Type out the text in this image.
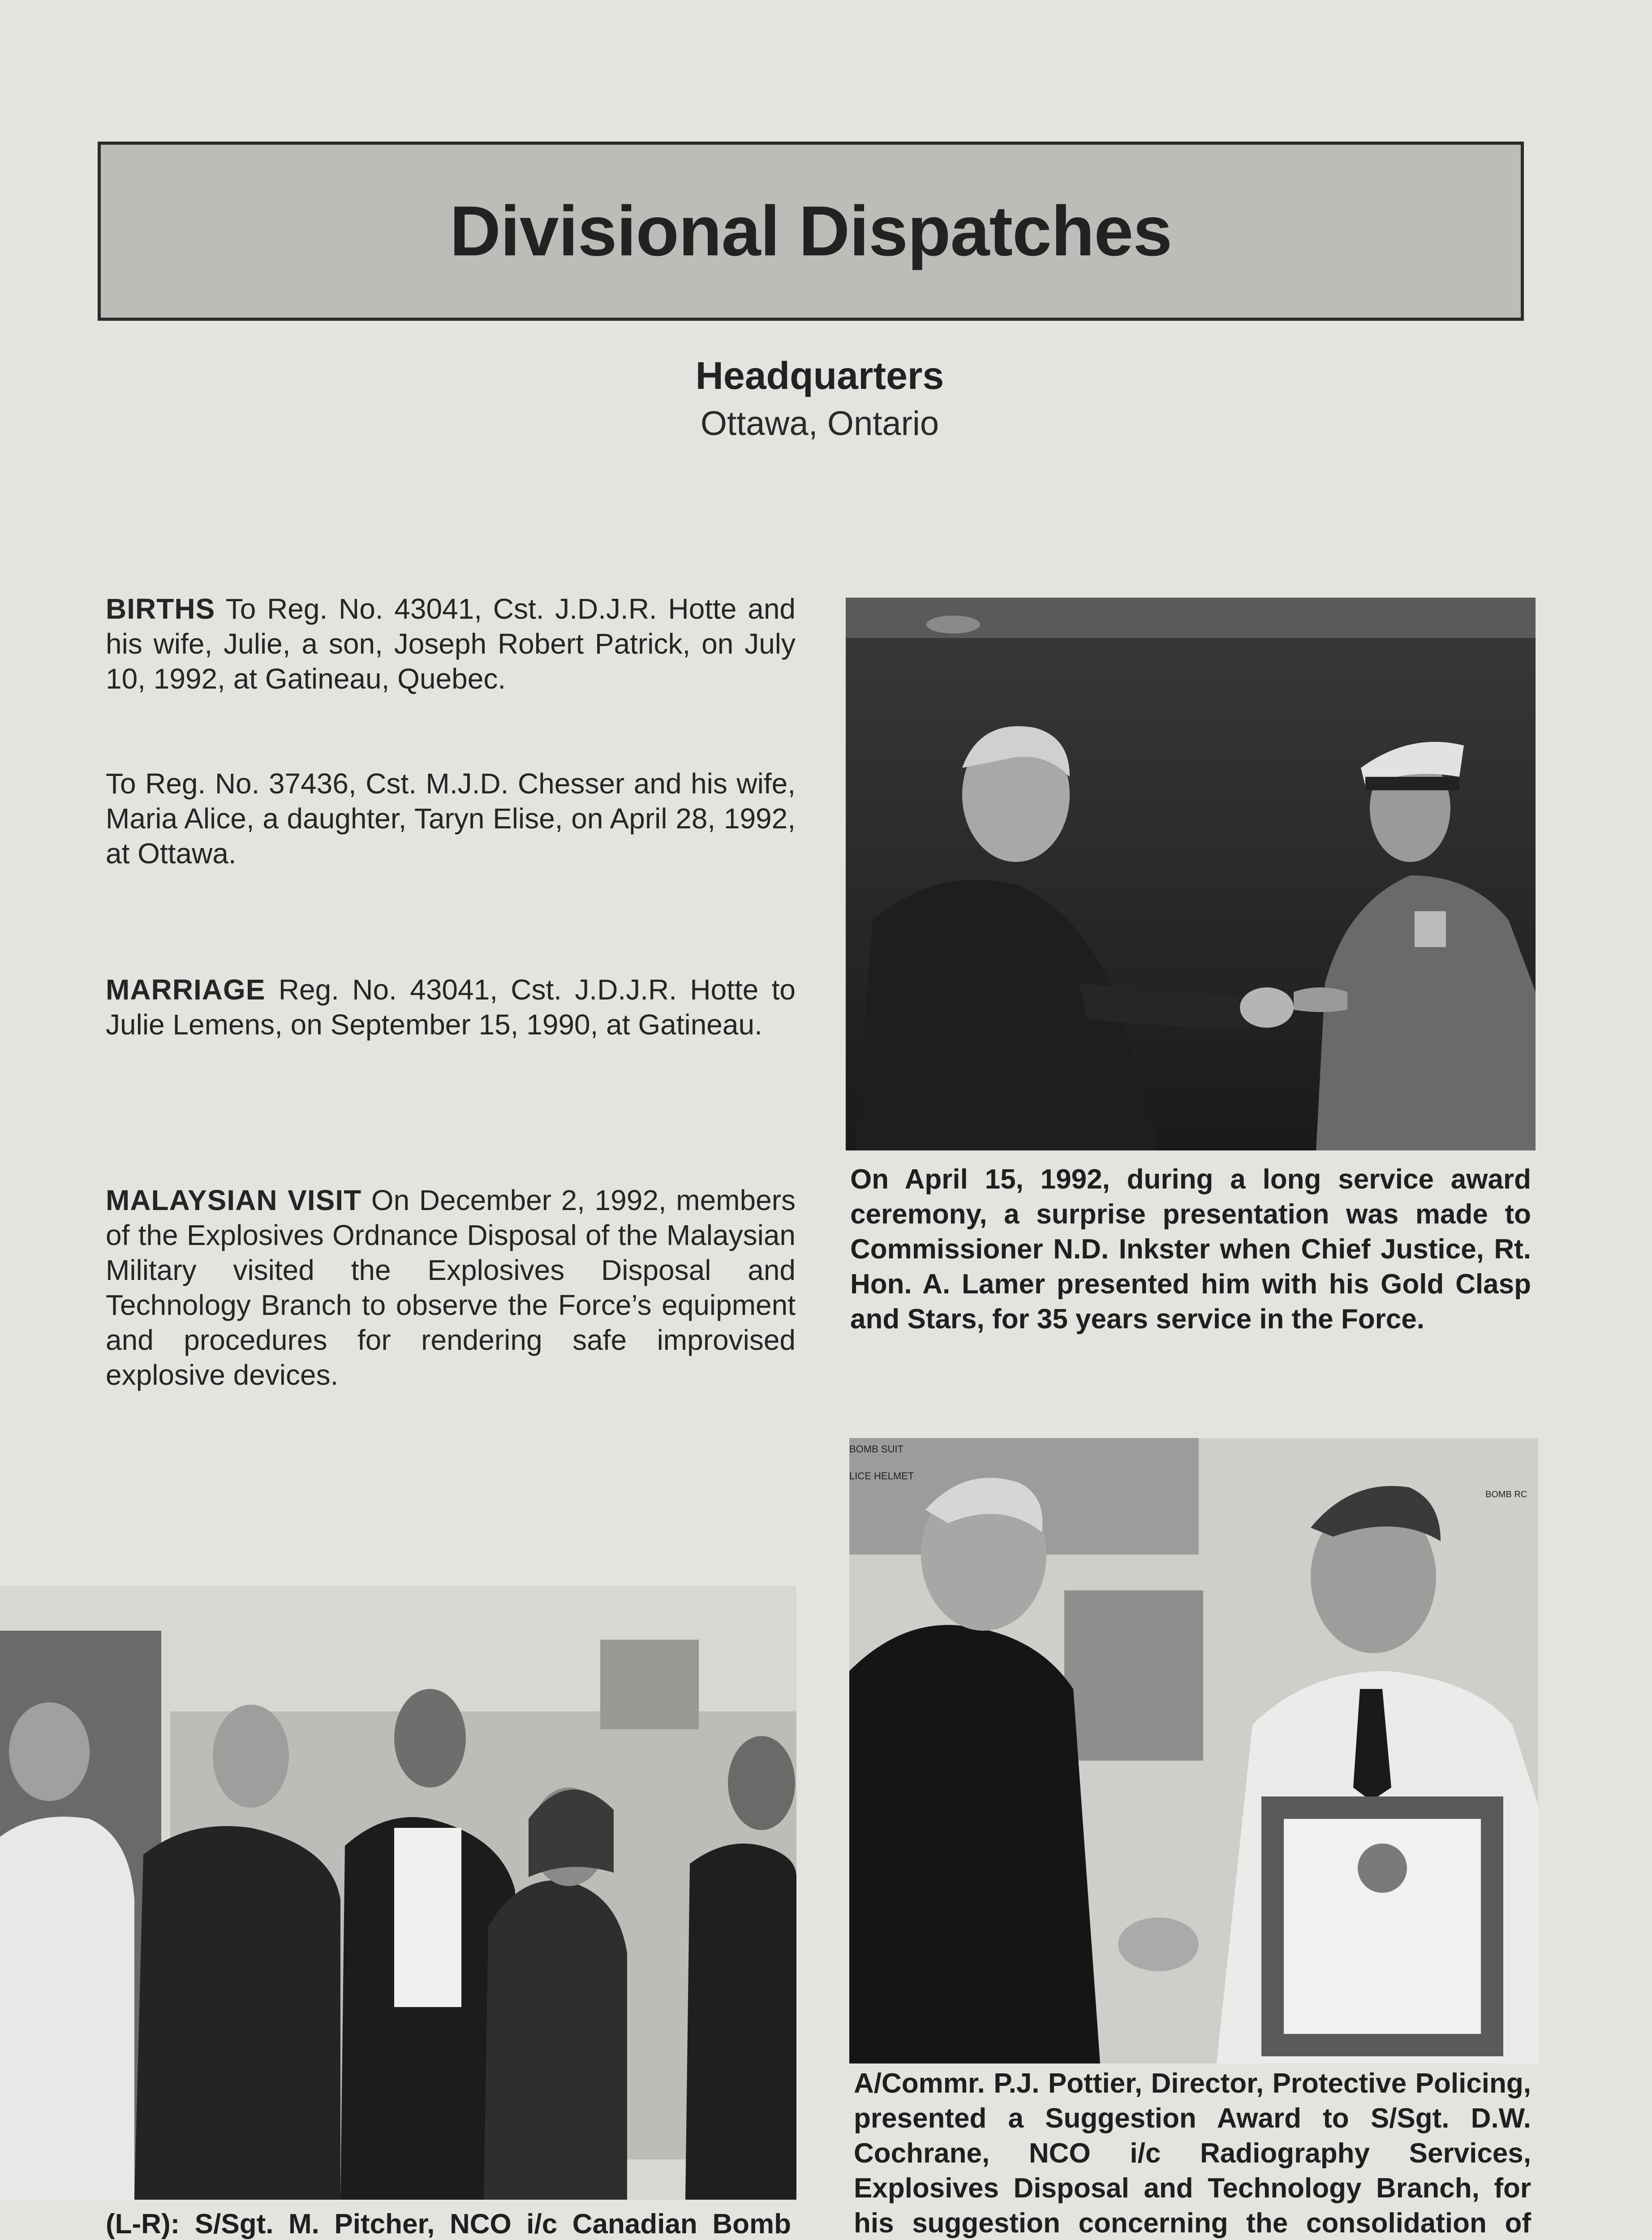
Divisional Dispatches
Headquarters
Ottawa, Ontario
BIRTHS To Reg. No. 43041, Cst. J.D.J.R. Hotte and his wife, Julie, a son, Joseph Robert Patrick, on July 10, 1992, at Gatineau, Quebec.
To Reg. No. 37436, Cst. M.J.D. Chesser and his wife, Maria Alice, a daughter, Taryn Elise, on April 28, 1992, at Ottawa.
MARRIAGE Reg. No. 43041, Cst. J.D.J.R. Hotte to Julie Lemens, on September 15, 1990, at Gatineau.
MALAYSIAN VISIT On December 2, 1992, members of the Explosives Ordnance Disposal of the Malaysian Military visited the Explosives Disposal and Technology Branch to observe the Force’s equipment and procedures for rendering safe improvised explosive devices.
On April 15, 1992, during a long service award ceremony, a surprise presentation was made to Commissioner N.D. Inkster when Chief Justice, Rt. Hon. A. Lamer presented him with his Gold Clasp and Stars, for 35 years service in the Force.
BOMB SUIT
LICE HELMET
BOMB RC
A/Commr. P.J. Pottier, Director, Protective Policing, presented a Suggestion Award to S/Sgt. D.W. Cochrane, NCO i/c Radiography Services, Explosives Disposal and Technology Branch, for his suggestion concerning the consolidation of
(L-R): S/Sgt. M. Pitcher, NCO i/c Canadian Bomb
